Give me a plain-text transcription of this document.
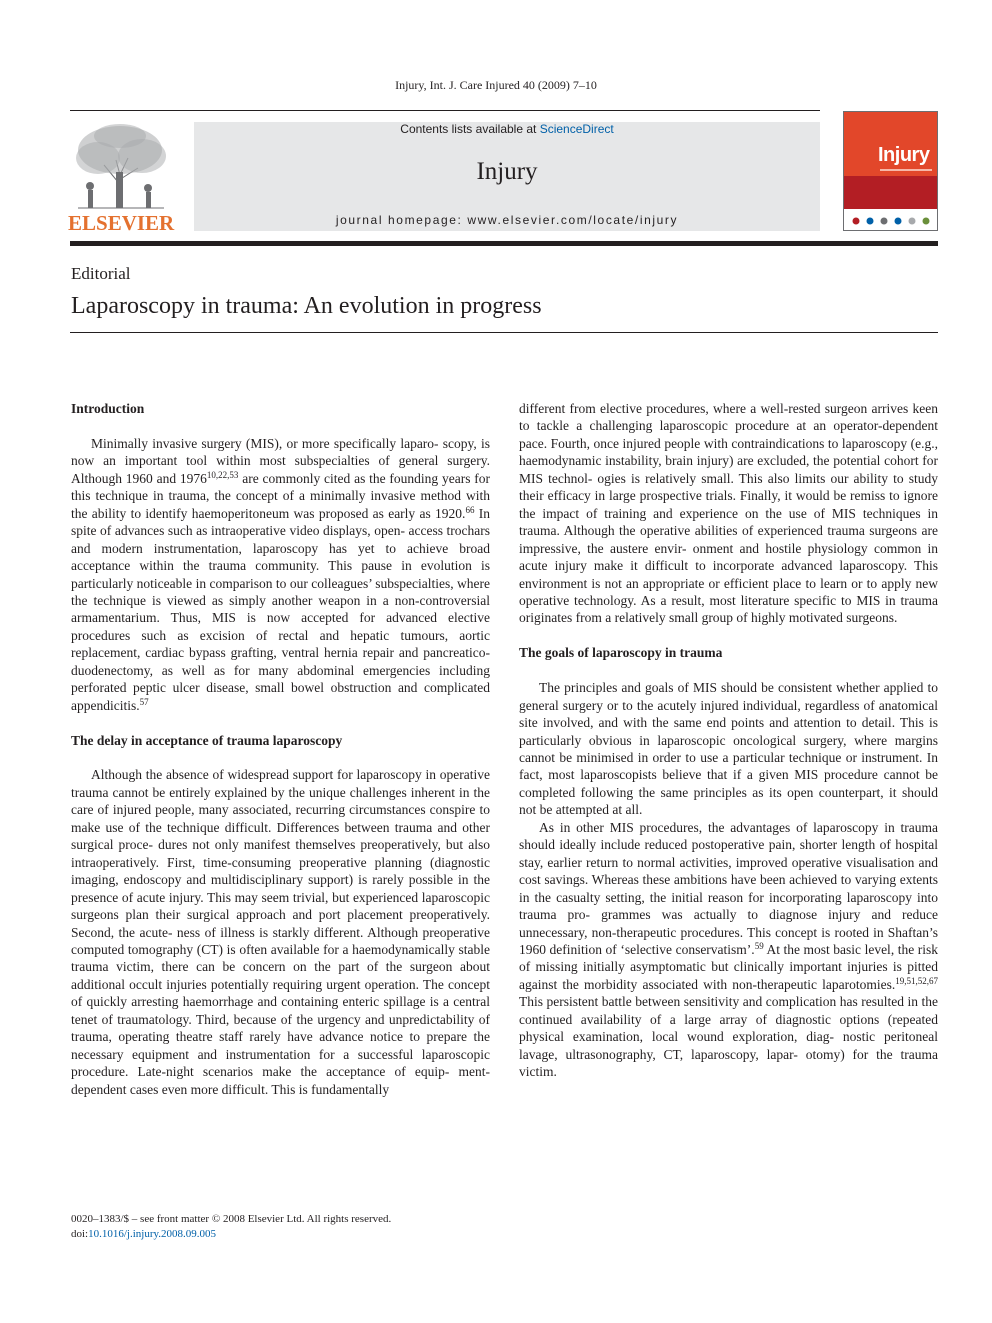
Injury, Int. J. Care Injured 40 (2009) 7–10
ELSEVIER
Contents lists available at ScienceDirect
Injury
journal homepage: www.elsevier.com/locate/injury
Injury
Editorial
Laparoscopy in trauma: An evolution in progress
Introduction

Minimally invasive surgery (MIS), or more specifically laparo- scopy, is now an important tool within most subspecialties of general surgery. Although 1960 and 1976$^{10,22,53}$ are commonly cited as the founding years for this technique in trauma, the concept of a minimally invasive method with the ability to identify haemoperitoneum was proposed as early as 1920.66 In spite of advances such as intraoperative video displays, open- access trochars and modern instrumentation, laparoscopy has yet to achieve broad acceptance within the trauma community. This pause in evolution is particularly noticeable in comparison to our colleagues’ subspecialties, where the technique is viewed as simply another weapon in a non-controversial armamentarium. Thus, MIS is now accepted for advanced elective procedures such as excision of rectal and hepatic tumours, aortic replacement, cardiac bypass grafting, ventral hernia repair and pancreatico- duodenectomy, as well as for many abdominal emergencies including perforated peptic ulcer disease, small bowel obstruction and complicated appendicitis.$^{57}$

The delay in acceptance of trauma laparoscopy

Although the absence of widespread support for laparoscopy in operative trauma cannot be entirely explained by the unique challenges inherent in the care of injured people, many associated, recurring circumstances conspire to make use of the technique difficult. Differences between trauma and other surgical proce- dures not only manifest themselves preoperatively, but also intraoperatively. First, time-consuming preoperative planning (diagnostic imaging, endoscopy and multidisciplinary support) is rarely possible in the presence of acute injury. This may seem trivial, but experienced laparoscopic surgeons plan their surgical approach and port placement preoperatively. Second, the acute- ness of illness is starkly different. Although preoperative computed tomography (CT) is often available for a haemodynamically stable trauma victim, there can be concern on the part of the surgeon about additional occult injuries potentially requiring urgent operation. The concept of quickly arresting haemorrhage and containing enteric spillage is a central tenet of traumatology. Third, because of the urgency and unpredictability of trauma, operating theatre staff rarely have advance notice to prepare the necessary equipment and instrumentation for a successful laparoscopic procedure. Late-night scenarios make the acceptance of equip- ment-dependent cases even more difficult. This is fundamentally

different from elective procedures, where a well-rested surgeon arrives keen to tackle a challenging laparoscopic procedure at an operator-dependent pace. Fourth, once injured people with contraindications to laparoscopy (e.g., haemodynamic instability, brain injury) are excluded, the potential cohort for MIS technol- ogies is relatively small. This also limits our ability to study their efficacy in large prospective trials. Finally, it would be remiss to ignore the impact of training and experience on the use of MIS techniques in trauma. Although the operative abilities of experienced trauma surgeons are impressive, the austere envir- onment and hostile physiology common in acute injury make it difficult to incorporate advanced laparoscopy. This environment is not an appropriate or efficient place to learn or to apply new operative technology. As a result, most literature specific to MIS in trauma originates from a relatively small group of highly motivated surgeons.

The goals of laparoscopy in trauma

The principles and goals of MIS should be consistent whether applied to general surgery or to the acutely injured individual, regardless of anatomical site involved, and with the same end points and attention to detail. This is particularly obvious in laparoscopic oncological surgery, where margins cannot be minimised in order to use a particular technique or instrument. In fact, most laparoscopists believe that if a given MIS procedure cannot be completed following the same principles as its open counterpart, it should not be attempted at all.

As in other MIS procedures, the advantages of laparoscopy in trauma should ideally include reduced postoperative pain, shorter length of hospital stay, earlier return to normal activities, improved operative visualisation and cost savings. Whereas these ambitions have been achieved to varying extents in the casualty setting, the initial reason for incorporating laparoscopy into trauma pro- grammes was actually to diagnose injury and reduce unnecessary, non-therapeutic procedures. This concept is rooted in Shaftan’s 1960 definition of ‘selective conservatism’.$^{59}$ At the most basic level, the risk of missing initially asymptomatic but clinically important injuries is pitted against the morbidity associated with non-therapeutic laparotomies.$^{19,51,52,67}$ This persistent battle between sensitivity and complication has resulted in the continued availability of a large array of diagnostic options (repeated physical examination, local wound exploration, diag- nostic peritoneal lavage, ultrasonography, CT, laparoscopy, lapar- otomy) for the trauma victim.

0020–1383/$ – see front matter © 2008 Elsevier Ltd. All rights reserved.
doi:10.1016/j.injury.2008.09.005
